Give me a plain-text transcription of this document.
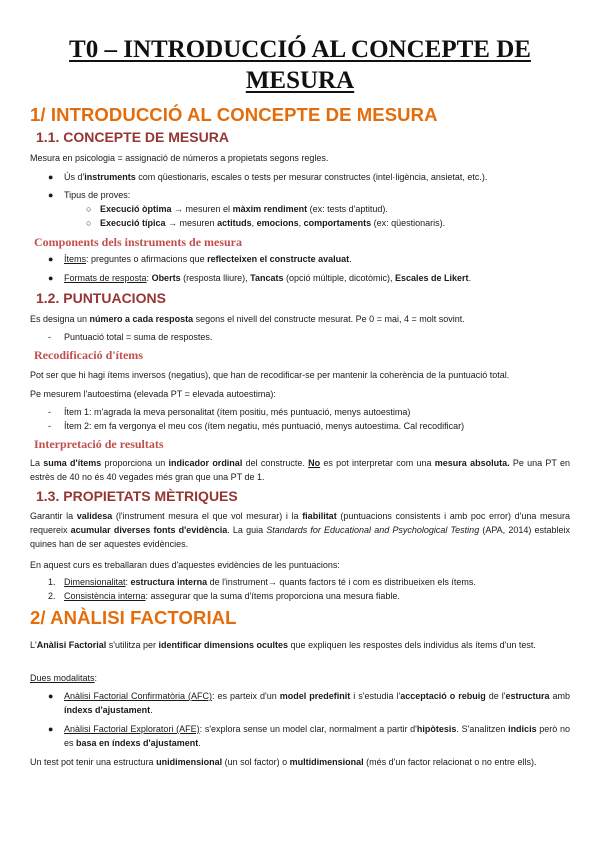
T0 – INTRODUCCIÓ AL CONCEPTE DE MESURA
1/ INTRODUCCIÓ AL CONCEPTE DE MESURA
1.1. CONCEPTE DE MESURA
Mesura en psicologia = assignació de números a propietats segons regles.
● Ús d'instruments com qüestionaris, escales o tests per mesurar constructes (intel·ligència, ansietat, etc.).
● Tipus de proves:
○ Execució òptima → mesuren el màxim rendiment (ex: tests d'aptitud).
○ Execució típica → mesuren actituds, emocions, comportaments (ex: qüestionaris).
Components dels instruments de mesura
● Ítems: preguntes o afirmacions que reflecteixen el constructe avaluat.
● Formats de resposta: Oberts (resposta lliure), Tancats (opció múltiple, dicotòmic), Escales de Likert.
1.2. PUNTUACIONS
Es designa un número a cada resposta segons el nivell del constructe mesurat. Pe 0 = mai, 4 = molt sovint.
- Puntuació total = suma de respostes.
Recodificació d'ítems
Pot ser que hi hagi ítems inversos (negatius), que han de recodificar-se per mantenir la coherència de la puntuació total.
Pe mesurem l'autoestima (elevada PT = elevada autoestima):
- Ítem 1: m'agrada la meva personalitat (ítem positiu, més puntuació, menys autoestima)
- Ítem 2: em fa vergonya el meu cos (ítem negatiu, més puntuació, menys autoestima. Cal recodificar)
Interpretació de resultats
La suma d'ítems proporciona un indicador ordinal del constructe. No es pot interpretar com una mesura absoluta. Pe una PT en estrès de 40 no és 40 vegades més gran que una PT de 1.
1.3. PROPIETATS MÈTRIQUES
Garantir la validesa (l'instrument mesura el que vol mesurar) i la fiabilitat (puntuacions consistents i amb poc error) d'una mesura requereix acumular diverses fonts d'evidència. La guia Standards for Educational and Psychological Testing (APA, 2014) estableix quines han de ser aquestes evidències.
En aquest curs es treballaran dues d'aquestes evidències de les puntuacions:
1. Dimensionalitat: estructura interna de l'instrument→ quants factors té i com es distribueixen els ítems.
2. Consistència interna: assegurar que la suma d'ítems proporciona una mesura fiable.
2/ ANÀLISI FACTORIAL
L'Anàlisi Factorial s'utilitza per identificar dimensions ocultes que expliquen les respostes dels individus als ítems d'un test.
Dues modalitats:
● Anàlisi Factorial Confirmatòria (AFC): es parteix d'un model predefinit i s'estudia l'acceptació o rebuig de l'estructura amb índexs d'ajustament.
● Anàlisi Factorial Exploratori (AFE): s'explora sense un model clar, normalment a partir d'hipòtesis. S'analitzen indicis però no es basa en índexs d'ajustament.
Un test pot tenir una estructura unidimensional (un sol factor) o multidimensional (més d'un factor relacionat o no entre ells).
